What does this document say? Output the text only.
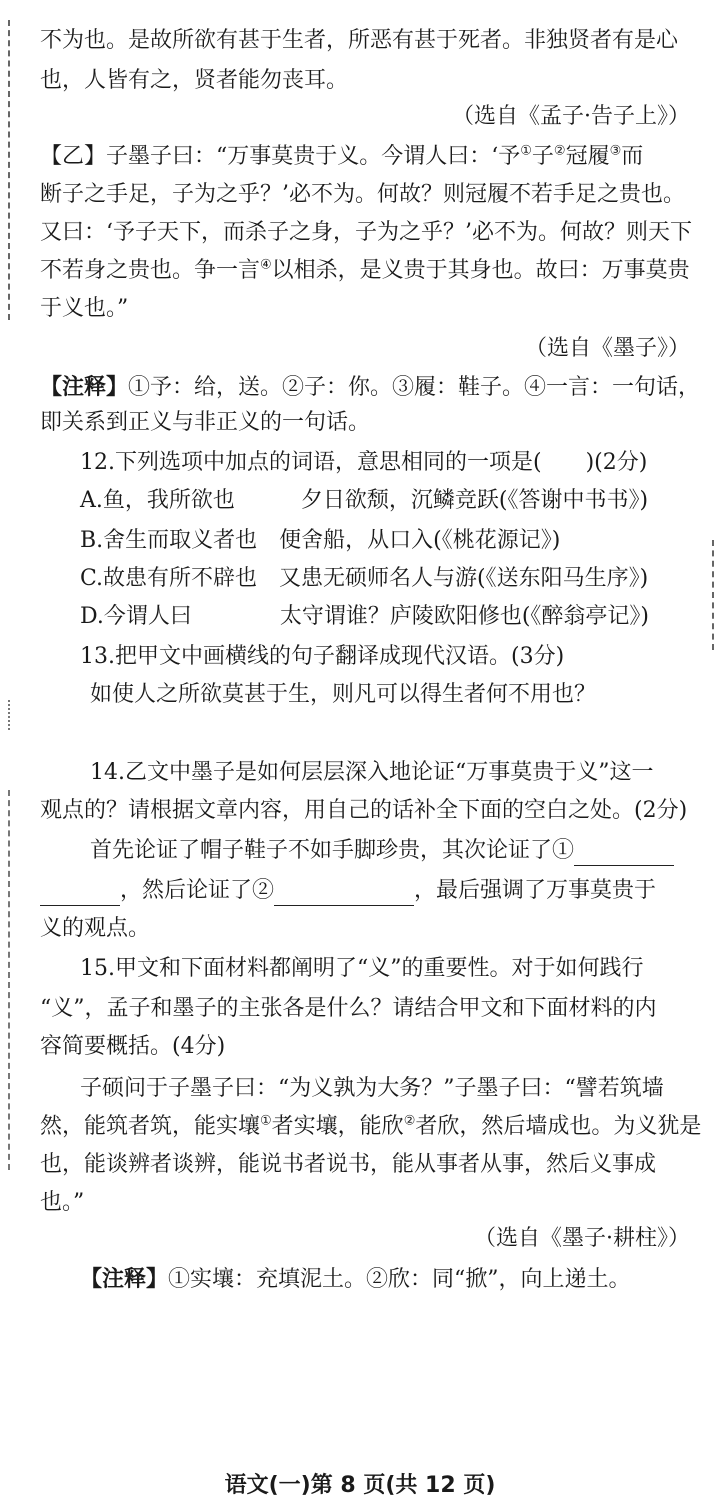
不为也。是故所欲有甚于生者，所恶有甚于死者。非独贤者有是心
也，人皆有之，贤者能勿丧耳。
（选自《孟子·告子上》）
【乙】子墨子曰：“万事莫贵于义。今谓人曰：‘予①子②冠履③而
断子之手足，子为之乎？’必不为。何故？则冠履不若手足之贵也。
又曰：‘予子天下，而杀子之身，子为之乎？’必不为。何故？则天下
不若身之贵也。争一言④以相杀，是义贵于其身也。故曰：万事莫贵
于义也。”
（选自《墨子》）
【注释】①予：给，送。②子：你。③履：鞋子。④一言：一句话，
即关系到正义与非正义的一句话。
12.下列选项中加点的词语，意思相同的一项是(　　)(2分)
A.鱼，我所欲也　　　夕日欲颓，沉鳞竞跃(《答谢中书书》)
B.舍生而取义者也　便舍船，从口入(《桃花源记》)
C.故患有所不辟也　又患无硕师名人与游(《送东阳马生序》)
D.今谓人曰　　　　太守谓谁？庐陵欧阳修也(《醉翁亭记》)
13.把甲文中画横线的句子翻译成现代汉语。(3分)
如使人之所欲莫甚于生，则凡可以得生者何不用也？
14.乙文中墨子是如何层层深入地论证“万事莫贵于义”这一
观点的？请根据文章内容，用自己的话补全下面的空白之处。(2分)
首先论证了帽子鞋子不如手脚珍贵，其次论证了①
，然后论证了②	，最后强调了万事莫贵于
义的观点。
15.甲文和下面材料都阐明了“义”的重要性。对于如何践行
“义”，孟子和墨子的主张各是什么？请结合甲文和下面材料的内
容简要概括。(4分)
子硕问于子墨子曰：“为义孰为大务？”子墨子曰：“譬若筑墙
然，能筑者筑，能实壤①者实壤，能欣②者欣，然后墙成也。为义犹是
也，能谈辨者谈辨，能说书者说书，能从事者从事，然后义事成
也。”
（选自《墨子·耕柱》）
【注释】①实壤：充填泥土。②欣：同“掀”，向上递土。
语文(一)第 8 页(共 12 页)
